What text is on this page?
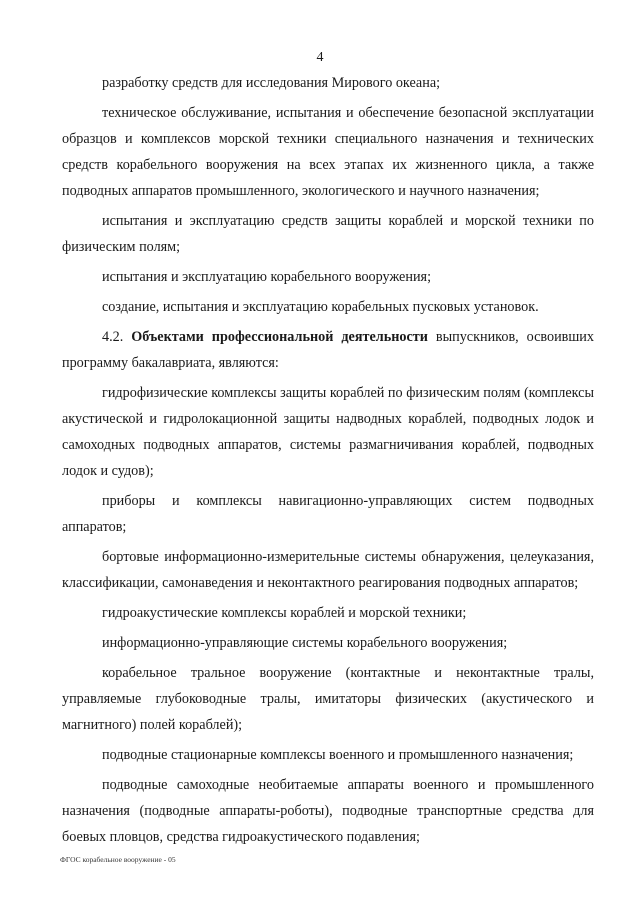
4

разработку средств для исследования Мирового океана;

техническое обслуживание, испытания и обеспечение безопасной эксплуатации образцов и комплексов морской техники специального назначения и технических средств корабельного вооружения на всех этапах их жизненного цикла, а также подводных аппаратов промышленного, экологического и научного назначения;

испытания и эксплуатацию средств защиты кораблей и морской техники по физическим полям;

испытания и эксплуатацию корабельного вооружения;

создание, испытания и эксплуатацию корабельных пусковых установок.

4.2. Объектами профессиональной деятельности выпускников, освоивших программу бакалавриата, являются:

гидрофизические комплексы защиты кораблей по физическим полям (комплексы акустической и гидролокационной защиты надводных кораблей, подводных лодок и самоходных подводных аппаратов, системы размагничивания кораблей, подводных лодок и судов);

приборы и комплексы навигационно-управляющих систем подводных аппаратов;

бортовые информационно-измерительные системы обнаружения, целеуказания, классификации, самонаведения и неконтактного реагирования подводных аппаратов;

гидроакустические комплексы кораблей и морской техники;

информационно-управляющие системы корабельного вооружения;

корабельное тральное вооружение (контактные и неконтактные тралы, управляемые глубоководные тралы, имитаторы физических (акустического и магнитного) полей кораблей);

подводные стационарные комплексы военного и промышленного назначения;

подводные самоходные необитаемые аппараты военного и промышленного назначения (подводные аппараты-роботы), подводные транспортные средства для боевых пловцов, средства гидроакустического подавления;

ФГОС корабельное вооружение - 05
